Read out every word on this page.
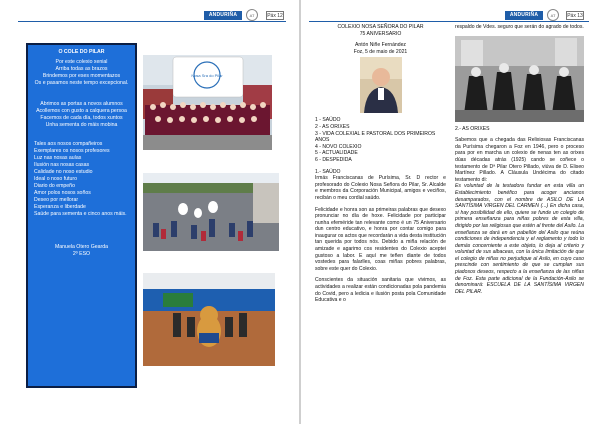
ANDURIÑA	AT	Páx 12
O COLE DO PILAR
Por este colexio xenial
Arriba todas as brazos
Brindemos por eses momentazos
Os e pasamos neste tempo excepcional.
Abrimos as portas a novos alumnos
Acollemos con gusto a calquera persoa
Facemos de cada día, todos xuntos
Unha sementa do máis mobina
Tales aos nosos compañeiros
Exemplares os nosos profesores
Luz nas nosas aulas
Ilusión nas nosas casas
Calidade no noso estudio
Ideal o noso futuro
Diario do empeño
Amor polos nosos soños
Deseo por mellorar
Esperanza e liberdade
Saúde para sementa e cinco anos máis.
Manuela Otero Gearda
2º ESO
Nosa Sra do Pilar
ANDURIÑA	AT	Páx 13
COLEXIO NOSA SEÑORA DO PILAR
75 ANIVERSARIO
Antón Niñe Fernández
Foz, 5 de maio de 2021
1 - SAÚDO
2 - AS ORIXES
3 - VIDA COLEXIAL E PASTORAL DOS PRIMEIROS ANOS
4 - NOVO COLEXIO
5 - ACTUALIDADE
6 - DESPEDIDA
1.- SAÚDO
Irmás Franciscanas de Purísima, Sr. D rector e profesorado do Colexio Nosa Señora do Pilar, Sr. Alcalde e membros da Corporación Municipal, amigos e veciños, recibán o meu cordial saúdo.
Felicidade e honra son as primeiras palabras que desexo pronunciar no día de hoxe. Felicidade por participar nunha efeméride tan relevante como é un 75 Aniversario dun centro educativo, e honra por contar comigo para inaugurar os actos que recordarán a vida desta institución tan querida por todos nós. Debido a miña relación de amizade e agarimo cos residentes do Colexio aceptei gustoso a labor. E aquí me teñen diante de todos vostedes para falarlles, coas miñas pobres palabras, sobre este quer do Colexio.
Conscientes da situación sanitaria que vivimos, as actividades a realizar están condicionadas pola pandemia do Covid, pero a ledicia e ilusión posta pola Comunidade Educativa e o
respaldo de Vdes. seguro que serán do agrado de todos.
2.- AS ORIXES
Sabemos que a chegada das Relixiosas Franciscanas da Purísima chegaron a Foz en 1946, pero o proceso para por en marcha un colexio de nenas ten as orixes dúas décadas atrás (1925) cando se coñece o testamento de Dª Pilar Otero Pillado, viúva de D. Eliseo Martínez Pillado. A Cláusula Undécima do citado testamento di:
Es voluntad de la testadora fundar en esta villa un Establecimiento benéfico para acoger ancianos desamparados, con el nombre de ASILO DE LA SANTÍSIMA VIRGEN DEL CARMEN (...) En dicha casa, si hay posibilidad de ello, quiere se funde un colegio de primera enseñanza para niñas pobres de esta villa, dirigido por las religiosas que estén al frente del Asilo. La enseñanza se dará en un pabellón del Asilo que reúna condiciones de independencia y el reglamento y todo lo demás concerniente a este objeto, lo deja al criterio y voluntad de sus albaceas, con la única limitación de que el colegio de niñas no perjudique al Asilo, en cuyo caso prescinde con sentimiento de que se cumplan sus piadosos deseos, respecto a la enseñanza de las niñas de Foz. Esta parte adicional de la Fundación-Asilo se denominará: ESCUELA DE LA SANTÍSIMA VIRGEN DEL PILAR.
